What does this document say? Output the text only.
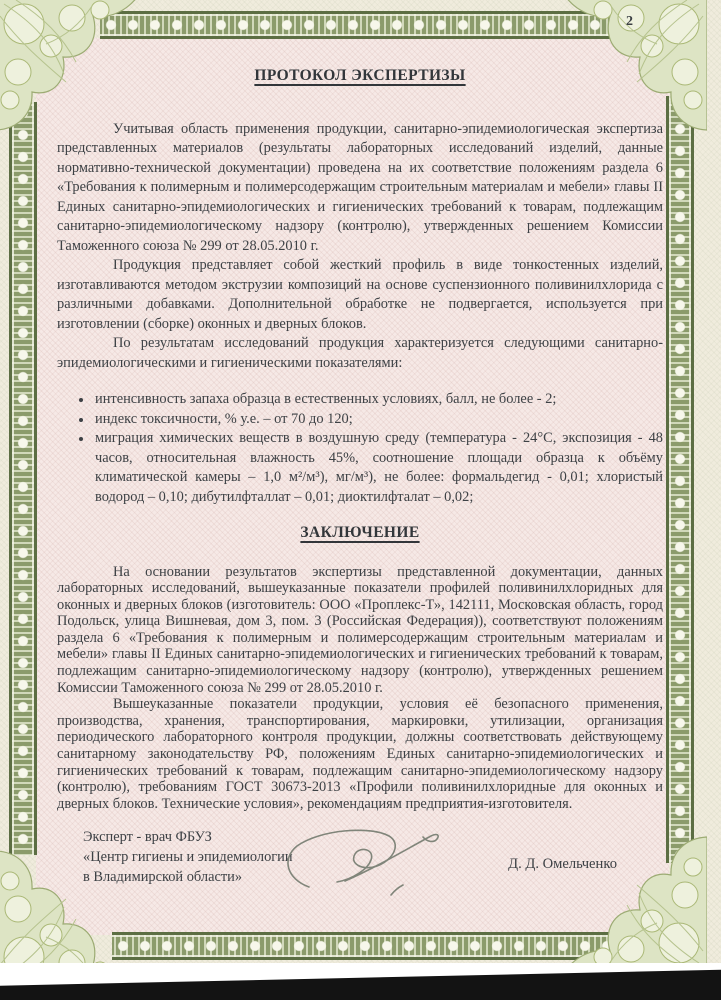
2
ПРОТОКОЛ ЭКСПЕРТИЗЫ

Учитывая область применения продукции, санитарно-эпидемиологическая экспертиза представленных материалов (результаты лабораторных исследований изделий, данные нормативно-технической документации) проведена на их соответствие положениям раздела 6 «Требования к полимерным и полимерсодержащим строительным материалам и мебели» главы II Единых санитарно-эпидемиологических и гигиенических требований к товарам, подлежащим санитарно-эпидемиологическому надзору (контролю), утвержденных решением Комиссии Таможенного союза № 299 от 28.05.2010 г.

Продукция представляет собой жесткий профиль в виде тонкостенных изделий, изготавливаются методом экструзии композиций на основе суспензионного поливинилхлорида с различными добавками. Дополнительной обработке не подвергается, используется при изготовлении (сборке) оконных и дверных блоков.

По результатам исследований продукция характеризуется следующими санитарно-эпидемиологическими и гигиеническими показателями:

интенсивность запаха образца в естественных условиях, балл, не более - 2;
индекс токсичности, % у.е. – от 70 до 120;
миграция химических веществ в воздушную среду (температура - 24°С, экспозиция - 48 часов, относительная влажность 45%, соотношение площади образца к объёму климатической камеры – 1,0 м²/м³), мг/м³), не более: формальдегид - 0,01; хлористый водород – 0,10; дибутилфталлат – 0,01; диоктилфталат – 0,02;
ЗАКЛЮЧЕНИЕ

На основании результатов экспертизы представленной документации, данных лабораторных исследований, вышеуказанные показатели профилей поливинилхлоридных для оконных и дверных блоков (изготовитель: ООО «Проплекс-Т», 142111, Московская область, город Подольск, улица Вишневая, дом 3, пом. 3 (Российская Федерация)), соответствуют положениям раздела 6 «Требования к полимерным и полимерсодержащим строительным материалам и мебели» главы II Единых санитарно-эпидемиологических и гигиенических требований к товарам, подлежащим санитарно-эпидемиологическому надзору (контролю), утвержденных решением Комиссии Таможенного союза № 299 от 28.05.2010 г.

Вышеуказанные показатели продукции, условия её безопасного применения, производства, хранения, транспортирования, маркировки, утилизации, организация периодического лабораторного контроля продукции, должны соответствовать действующему санитарному законодательству РФ, положениям Единых санитарно-эпидемиологических и гигиенических требований к товарам, подлежащим санитарно-эпидемиологическому надзору (контролю), требованиям ГОСТ 30673-2013 «Профили поливинилхлоридные для оконных и дверных блоков. Технические условия», рекомендациям предприятия-изготовителя.

Эксперт - врач ФБУЗ
«Центр гигиены и эпидемиологии
в Владимирской области»
Д. Д. Омельченко
